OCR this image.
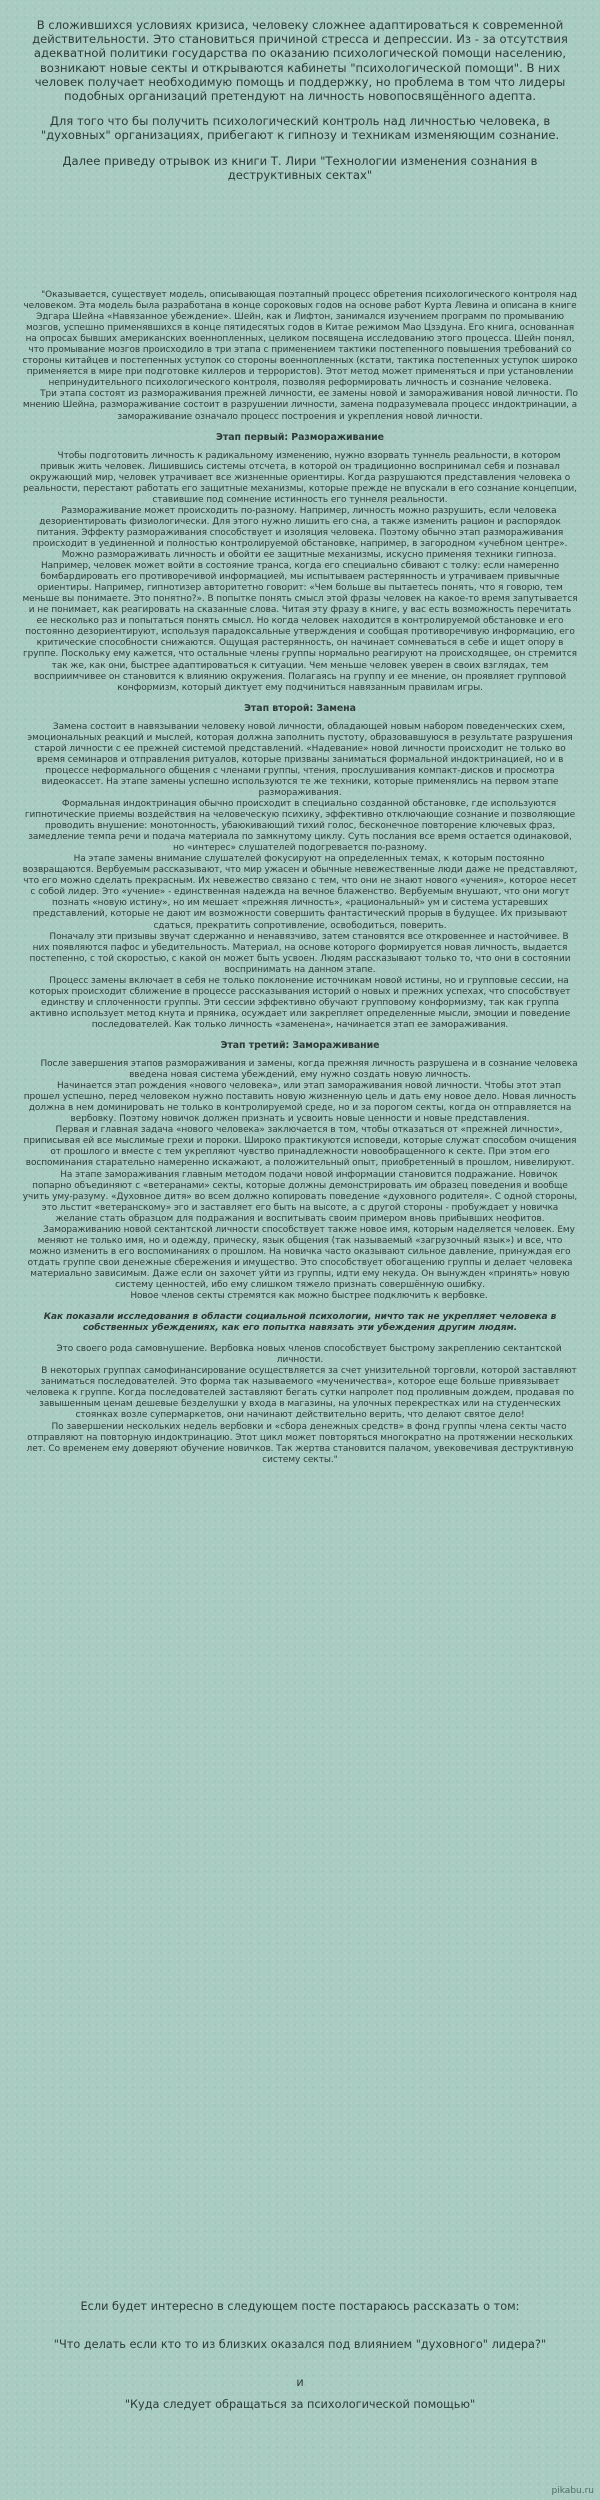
В сложившихся условиях кризиса, человеку сложнее адаптироваться к современной действительности. Это становиться причиной стресса и депрессии. Из - за отсутствия адекватной политики государства по оказанию психологической помощи населению, возникают новые секты и открываются кабинеты "психологической помощи". В них человек получает необходимую помощь и поддержку, но проблема в том что лидеры подобных организаций претендуют на личность новопосвящённого адепта.

Для того что бы получить психологический контроль над личностью человека, в "духовных" организациях, прибегают к гипнозу и техникам изменяющим сознание.

Далее приведу отрывок из книги Т. Лири "Технологии изменения сознания в деструктивных сектах"

"Оказывается, существует модель, описывающая поэтапный процесс обретения психологического контроля над человеком. Эта модель была разработана в конце сороковых годов на основе работ Курта Левина и описана в книге Эдгара Шейна «Навязанное убеждение». Шейн, как и Лифтон, занимался изучением программ по промыванию мозгов, успешно применявшихся в конце пятидесятых годов в Китае режимом Мао Цзэдуна. Его книга, основанная на опросах бывших американских военнопленных, целиком посвящена исследованию этого процесса. Шейн понял, что промывание мозгов происходило в три этапа с применением тактики постепенного повышения требований со стороны китайцев и постепенных уступок со стороны военнопленных (кстати, тактика постепенных уступок широко применяется в мире при подготовке киллеров и террористов). Этот метод может применяться и при установлении непринудительного психологического контроля, позволяя реформировать личность и сознание человека.

Три этапа состоят из размораживания прежней личности, ее замены новой и замораживания новой личности. По мнению Шейна, размораживание состоит в разрушении личности, замена подразумевала процесс индоктринации, а замораживание означало процесс построения и укрепления новой личности.

Этап первый: Размораживание

Чтобы подготовить личность к радикальному изменению, нужно взорвать туннель реальности, в котором привык жить человек. Лишившись системы отсчета, в которой он традиционно воспринимал себя и познавал окружающий мир, человек утрачивает все жизненные ориентиры. Когда разрушаются представления человека о реальности, перестают работать его защитные механизмы, которые прежде не впускали в его сознание концепции, ставившие под сомнение истинность его туннеля реальности.

Размораживание может происходить по-разному. Например, личность можно разрушить, если человека дезориентировать физиологически. Для этого нужно лишить его сна, а также изменить рацион и распорядок питания. Эффекту размораживания способствует и изоляция человека. Поэтому обычно этап размораживания происходит в уединенной и полностью контролируемой обстановке, например, в загородном «учебном центре».

Можно размораживать личность и обойти ее защитные механизмы, искусно применяя техники гипноза. Например, человек может войти в состояние транса, когда его специально сбивают с толку: если намеренно бомбардировать его противоречивой информацией, мы испытываем растерянность и утрачиваем привычные ориентиры. Например, гипнотизер авторитетно говорит: «Чем больше вы пытаетесь понять, что я говорю, тем меньше вы понимаете. Это понятно?». В попытке понять смысл этой фразы человек на какое-то время запутывается и не понимает, как реагировать на сказанные слова. Читая эту фразу в книге, у вас есть возможность перечитать ее несколько раз и попытаться понять смысл. Но когда человек находится в контролируемой обстановке и его постоянно дезориентируют, используя парадоксальные утверждения и сообщая противоречивую информацию, его критические способности снижаются. Ощущая растерянность, он начинает сомневаться в себе и ищет опору в группе. Поскольку ему кажется, что остальные члены группы нормально реагируют на происходящее, он стремится так же, как они, быстрее адаптироваться к ситуации. Чем меньше человек уверен в своих взглядах, тем восприимчивее он становится к влиянию окружения. Полагаясь на группу и ее мнение, он проявляет групповой конформизм, который диктует ему подчиниться навязанным правилам игры.

Этап второй: Замена

Замена состоит в навязывании человеку новой личности, обладающей новым набором поведенческих схем, эмоциональных реакций и мыслей, которая должна заполнить пустоту, образовавшуюся в результате разрушения старой личности с ее прежней системой представлений. «Надевание» новой личности происходит не только во время семинаров и отправления ритуалов, которые призваны заниматься формальной индоктринацией, но и в процессе неформального общения с членами группы, чтения, прослушивания компакт-дисков и просмотра видеокассет. На этапе замены успешно используются те же техники, которые применялись на первом этапе размораживания.

Формальная индоктринация обычно происходит в специально созданной обстановке, где используются гипнотические приемы воздействия на человеческую психику, эффективно отключающие сознание и позволяющие проводить внушение: монотонность, убаюкивающий тихий голос, бесконечное повторение ключевых фраз, замедление темпа речи и подача материала по замкнутому циклу. Суть послания все время остается одинаковой, но «интерес» слушателей подогревается по-разному.

На этапе замены внимание слушателей фокусируют на определенных темах, к которым постоянно возвращаются. Вербуемым рассказывают, что мир ужасен и обычные невежественные люди даже не представляют, что его можно сделать прекрасным. Их невежество связано с тем, что они не знают нового «учения», которое несет с собой лидер. Это «учение» - единственная надежда на вечное блаженство. Вербуемым внушают, что они могут познать «новую истину», но им мешает «прежняя личность», «рациональный» ум и система устаревших представлений, которые не дают им возможности совершить фантастический прорыв в будущее. Их призывают сдаться, прекратить сопротивление, освободиться, поверить.

Поначалу эти призывы звучат сдержанно и ненавязчиво, затем становятся все откровеннее и настойчивее. В них появляются пафос и убедительность. Материал, на основе которого формируется новая личность, выдается постепенно, с той скоростью, с какой он может быть усвоен. Людям рассказывают только то, что они в состоянии воспринимать на данном этапе.

Процесс замены включает в себя не только поклонение источникам новой истины, но и групповые сессии, на которых происходит сближение в процессе рассказывания историй о новых и прежних успехах, что способствует единству и сплоченности группы. Эти сессии эффективно обучают групповому конформизму, так как группа активно использует метод кнута и пряника, осуждает или закрепляет определенные мысли, эмоции и поведение последователей. Как только личность «заменена», начинается этап ее замораживания.

Этап третий: Замораживание

После завершения этапов размораживания и замены, когда прежняя личность разрушена и в сознание человека введена новая система убеждений, ему нужно создать новую личность.

Начинается этап рождения «нового человека», или этап замораживания новой личности. Чтобы этот этап прошел успешно, перед человеком нужно поставить новую жизненную цель и дать ему новое дело. Новая личность должна в нем доминировать не только в контролируемой среде, но и за порогом секты, когда он отправляется на вербовку. Поэтому новичок должен признать и усвоить новые ценности и новые представления.

Первая и главная задача «нового человека» заключается в том, чтобы отказаться от «прежней личности», приписывая ей все мыслимые грехи и пороки. Широко практикуются исповеди, которые служат способом очищения от прошлого и вместе с тем укрепляют чувство принадлежности новообращенного к секте. При этом его воспоминания старательно намеренно искажают, а положительный опыт, приобретенный в прошлом, нивелируют.

На этапе замораживания главным методом подачи новой информации становится подражание. Новичок попарно объединяют с «ветеранами» секты, которые должны демонстрировать им образец поведения и вообще учить уму-разуму. «Духовное дитя» во всем должно копировать поведение «духовного родителя». С одной стороны, это льстит «ветеранскому» эго и заставляет его быть на высоте, а с другой стороны - пробуждает у новичка желание стать образцом для подражания и воспитывать своим примером вновь прибывших неофитов.

Замораживанию новой сектантской личности способствует также новое имя, которым наделяется человек. Ему меняют не только имя, но и одежду, прическу, язык общения (так называемый «загрузочный язык») и все, что можно изменить в его воспоминаниях о прошлом. На новичка часто оказывают сильное давление, принуждая его отдать группе свои денежные сбережения и имущество. Это способствует обогащению группы и делает человека материально зависимым. Даже если он захочет уйти из группы, идти ему некуда. Он вынужден «принять» новую систему ценностей, ибо ему слишком тяжело признать совершённую ошибку.

Новое членов секты стремятся как можно быстрее подключить к вербовке.

Как показали исследования в области социальной психологии, ничто так не укрепляет человека в собственных убеждениях, как его попытка навязать эти убеждения другим людям.

Это своего рода самовнушение. Вербовка новых членов способствует быстрому закреплению сектантской личности.

В некоторых группах самофинансирование осуществляется за счет унизительной торговли, которой заставляют заниматься последователей. Это форма так называемого «мученичества», которое еще больше привязывает человека к группе. Когда последователей заставляют бегать сутки напролет под проливным дождем, продавая по завышенным ценам дешевые безделушки у входа в магазины, на улочных перекрестках или на студенческих стоянках возле супермаркетов, они начинают действительно верить, что делают святое дело!

По завершении нескольких недель вербовки и «сбора денежных средств» в фонд группы члена секты часто отправляют на повторную индоктринацию. Этот цикл может повторяться многократно на протяжении нескольких лет. Со временем ему доверяют обучение новичков. Так жертва становится палачом, увековечивая деструктивную систему секты."

Если будет интересно в следующем посте постараюсь рассказать о том:

"Что делать если кто то из близких оказался под влиянием "духовного" лидера?"

и

"Куда следует обращаться за психологической помощью"

pikabu.ru
